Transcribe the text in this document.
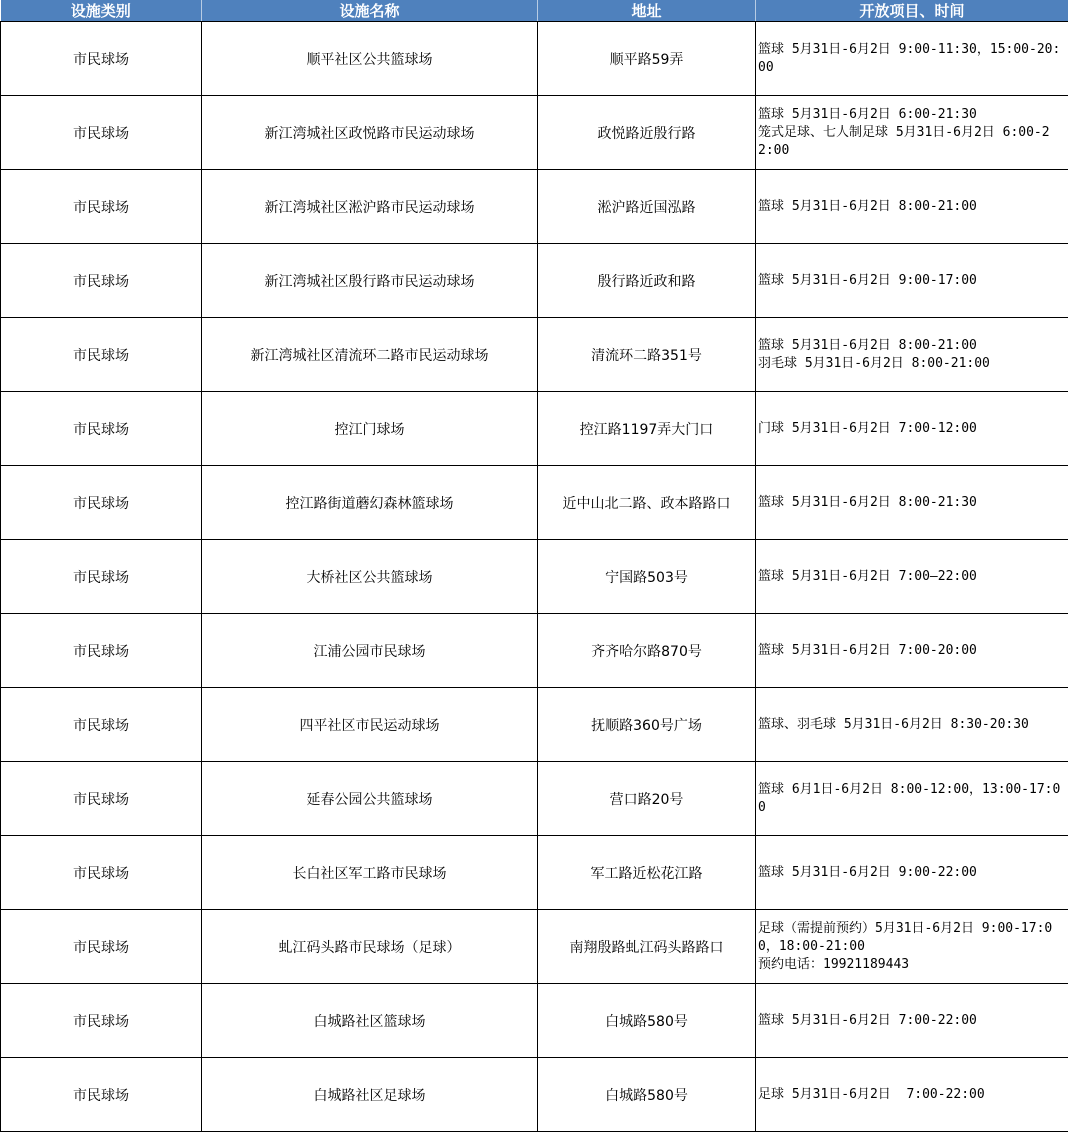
设施类别	设施名称	地址	开放项目、时间
市民球场	顺平社区公共篮球场	顺平路59弄	篮球 5月31日-6月2日 9:00-11:30，15:00-20:00

市民球场	新江湾城社区政悦路市民运动球场	政悦路近殷行路	篮球 5月31日-6月2日 6:00-21:30
笼式足球、七人制足球 5月31日-6月2日 6:00-22:00

市民球场	新江湾城社区淞沪路市民运动球场	淞沪路近国泓路	篮球 5月31日-6月2日 8:00-21:00

市民球场	新江湾城社区殷行路市民运动球场	殷行路近政和路	篮球 5月31日-6月2日 9:00-17:00

市民球场	新江湾城社区清流环二路市民运动球场	清流环二路351号	篮球 5月31日-6月2日 8:00-21:00
羽毛球 5月31日-6月2日 8:00-21:00

市民球场	控江门球场	控江路1197弄大门口	门球 5月31日-6月2日 7:00-12:00

市民球场	控江路街道蘑幻森林篮球场	近中山北二路、政本路路口	篮球 5月31日-6月2日 8:00-21:30

市民球场	大桥社区公共篮球场	宁国路503号	篮球 5月31日-6月2日 7:00—22:00

市民球场	江浦公园市民球场	齐齐哈尔路870号	篮球 5月31日-6月2日 7:00-20:00

市民球场	四平社区市民运动球场	抚顺路360号广场	篮球、羽毛球 5月31日-6月2日 8:30-20:30

市民球场	延春公园公共篮球场	营口路20号	篮球 6月1日-6月2日 8:00-12:00，13:00-17:00

市民球场	长白社区军工路市民球场	军工路近松花江路	篮球 5月31日-6月2日 9:00-22:00

市民球场	虬江码头路市民球场（足球）	南翔殷路虬江码头路路口	足球（需提前预约）5月31日-6月2日 9:00-17:00，18:00-21:00
预约电话：19921189443

市民球场	白城路社区篮球场	白城路580号	篮球 5月31日-6月2日 7:00-22:00

市民球场	白城路社区足球场	白城路580号	足球 5月31日-6月2日  7:00-22:00
